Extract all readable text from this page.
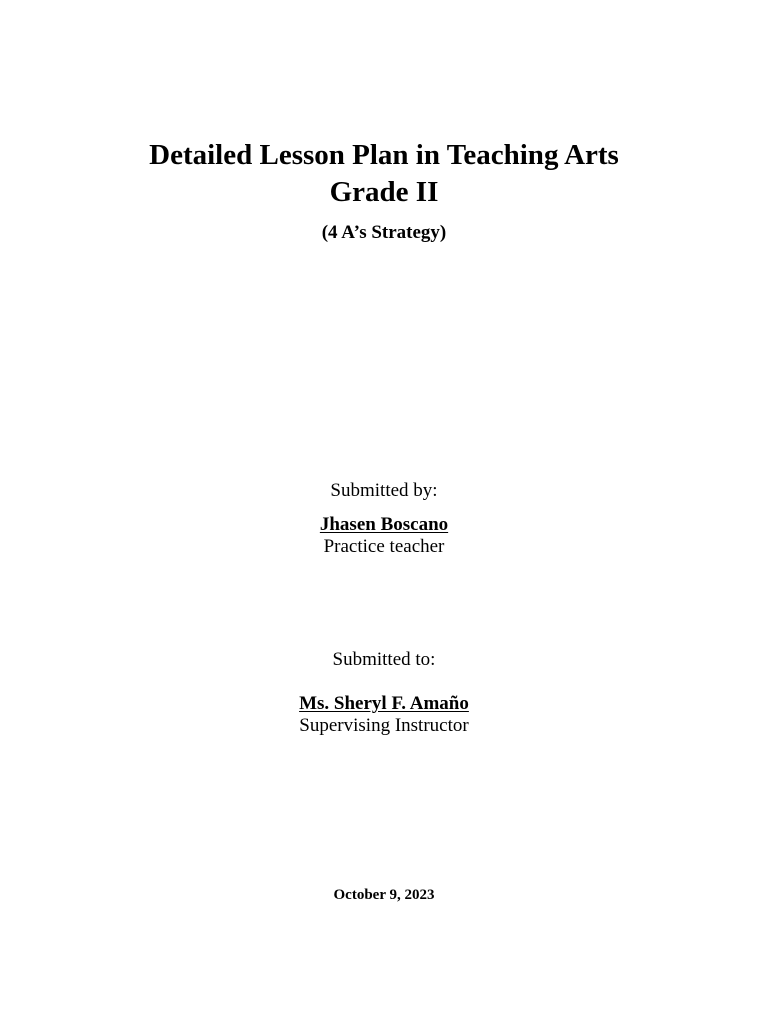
Detailed Lesson Plan in Teaching Arts
Grade II
(4 A’s Strategy)
Submitted by:
Jhasen Boscano
Practice teacher
Submitted to:
Ms. Sheryl F. Amaño
Supervising Instructor
October 9, 2023
